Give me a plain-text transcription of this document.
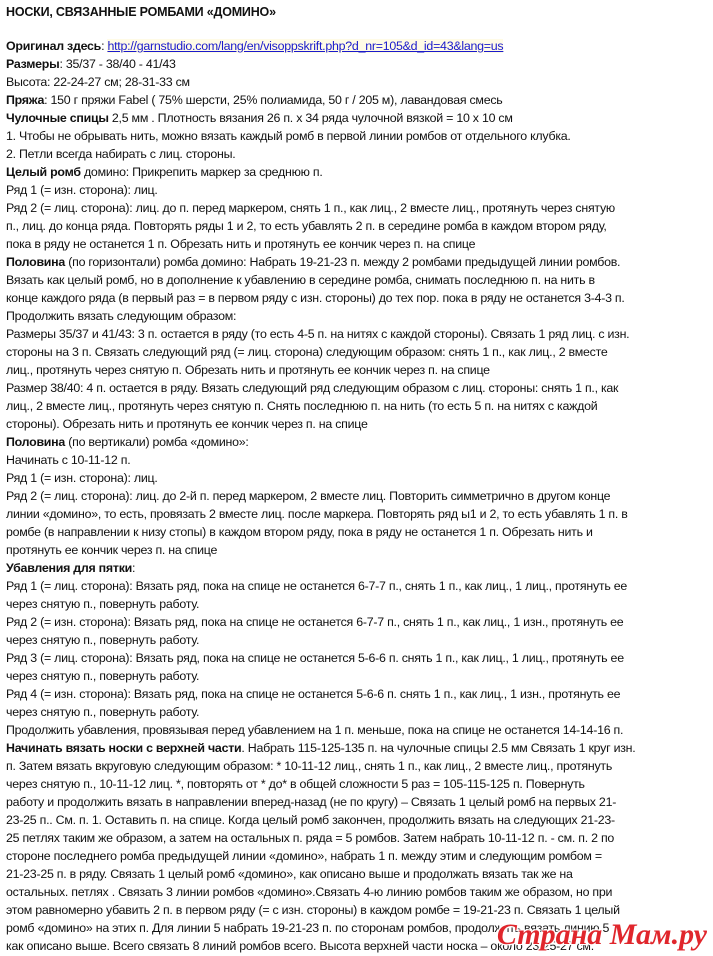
НОСКИ, СВЯЗАННЫЕ РОМБАМИ «ДОМИНО»
Оригинал здесь: http://garnstudio.com/lang/en/visoppskrift.php?d_nr=105&d_id=43&lang=us
Размеры: 35/37 - 38/40 - 41/43
Высота: 22-24-27 см; 28-31-33 см
Пряжа: 150 г пряжи Fabel ( 75% шерсти, 25% полиамида, 50 г / 205 м), лавандовая смесь
Чулочные спицы 2,5 мм . Плотность вязания 26 п. х 34 ряда чулочной вязкой = 10 х 10 см
1. Чтобы не обрывать нить, можно вязать каждый ромб в первой линии ромбов от отдельного клубка.
2. Петли всегда набирать с лиц. стороны.
Целый ромб домино: Прикрепить маркер за среднюю п.
Ряд 1 (= изн. сторона): лиц.
Ряд 2 (= лиц. сторона): лиц. до п. перед маркером, снять 1 п., как лиц., 2 вместе лиц., протянуть через снятую
п., лиц. до конца ряда. Повторять ряды 1 и 2, то есть убавлять 2 п. в середине ромба в каждом втором ряду,
пока в ряду не останется 1 п. Обрезать нить и протянуть ее кончик через п. на спице
Половина (по горизонтали) ромба домино: Набрать 19-21-23 п. между 2 ромбами предыдущей линии ромбов.
Вязать как целый ромб, но в дополнение к убавлению в середине ромба, снимать последнюю п. на нить в
конце каждого ряда (в первый раз = в первом ряду с изн. стороны) до тех пор. пока в ряду не останется 3-4-3 п.
Продолжить вязать следующим образом:
Размеры 35/37 и 41/43: 3 п. остается в ряду (то есть 4-5 п. на нитях с каждой стороны). Связать 1 ряд лиц. с изн.
стороны на 3 п. Связать следующий ряд (= лиц. сторона) следующим образом: снять 1 п., как лиц., 2 вместе
лиц., протянуть через снятую п. Обрезать нить и протянуть ее кончик через п. на спице
Размер 38/40: 4 п. остается в ряду. Вязать следующий ряд следующим образом с лиц. стороны: снять 1 п., как
лиц., 2 вместе лиц., протянуть через снятую п. Снять последнюю п. на нить (то есть 5 п. на нитях с каждой
стороны). Обрезать нить и протянуть ее кончик через п. на спице
Половина (по вертикали) ромба «домино»:
Начинать с 10-11-12 п.
Ряд 1 (= изн. сторона): лиц.
Ряд 2 (= лиц. сторона): лиц. до 2-й п. перед маркером, 2 вместе лиц. Повторить симметрично в другом конце
линии «домино», то есть, провязать 2 вместе лиц. после маркера. Повторять ряд ы1 и 2, то есть убавлять 1 п. в
ромбе (в направлении к низу стопы) в каждом втором ряду, пока в ряду не останется 1 п. Обрезать нить и
протянуть ее кончик через п. на спице
Убавления для пятки:
Ряд 1 (= лиц. сторона): Вязать ряд, пока на спице не останется 6-7-7 п., снять 1 п., как лиц., 1 лиц., протянуть ее
через снятую п., повернуть работу.
Ряд 2 (= изн. сторона): Вязать ряд, пока на спице не останется 6-7-7 п., снять 1 п., как лиц., 1 изн., протянуть ее
через снятую п., повернуть работу.
Ряд 3 (= лиц. сторона): Вязать ряд, пока на спице не останется 5-6-6 п. снять 1 п., как лиц., 1 лиц., протянуть ее
через снятую п., повернуть работу.
Ряд 4 (= изн. сторона): Вязать ряд, пока на спице не останется 5-6-6 п. снять 1 п., как лиц., 1 изн., протянуть ее
через снятую п., повернуть работу.
Продолжить убавления, провязывая перед убавлением на 1 п. меньше, пока на спице не останется 14-14-16 п.
Начинать вязать носки с верхней части. Набрать 115-125-135 п. на чулочные спицы 2.5 мм Связать 1 круг изн.
п. Затем вязать вкруговую следующим образом: * 10-11-12 лиц., снять 1 п., как лиц., 2 вместе лиц., протянуть
через снятую п., 10-11-12 лиц. *, повторять от * до* в общей сложности 5 раз = 105-115-125 п. Повернуть
работу и продолжить вязать в направлении вперед-назад (не по кругу) – Связать 1 целый ромб на первых 21-
23-25 п.. См. п. 1. Оставить п. на спице. Когда целый ромб закончен, продолжить вязать на следующих 21-23-
25 петлях таким же образом, а затем на остальных п. ряда = 5 ромбов. Затем набрать 10-11-12 п. - см. п. 2 по
стороне последнего ромба предыдущей линии «домино», набрать 1 п. между этим и следующим ромбом =
21-23-25 п. в ряду. Связать 1 целый ромб «домино», как описано выше и продолжать вязать так же на
остальных. петлях . Связать 3 линии ромбов «домино».Связать 4-ю линию ромбов таким же образом, но при
этом равномерно убавить 2 п. в первом ряду (= с изн. стороны) в каждом ромбе = 19-21-23 п. Связать 1 целый
ромб «домино» на этих п. Для линии 5 набрать 19-21-23 п. по сторонам ромбов, продолжить вязать линию 5
как описано выше. Всего связать 8 линий ромбов всего. Высота верхней части носка – около 23-25-27 см.
Страна Мам.ру
